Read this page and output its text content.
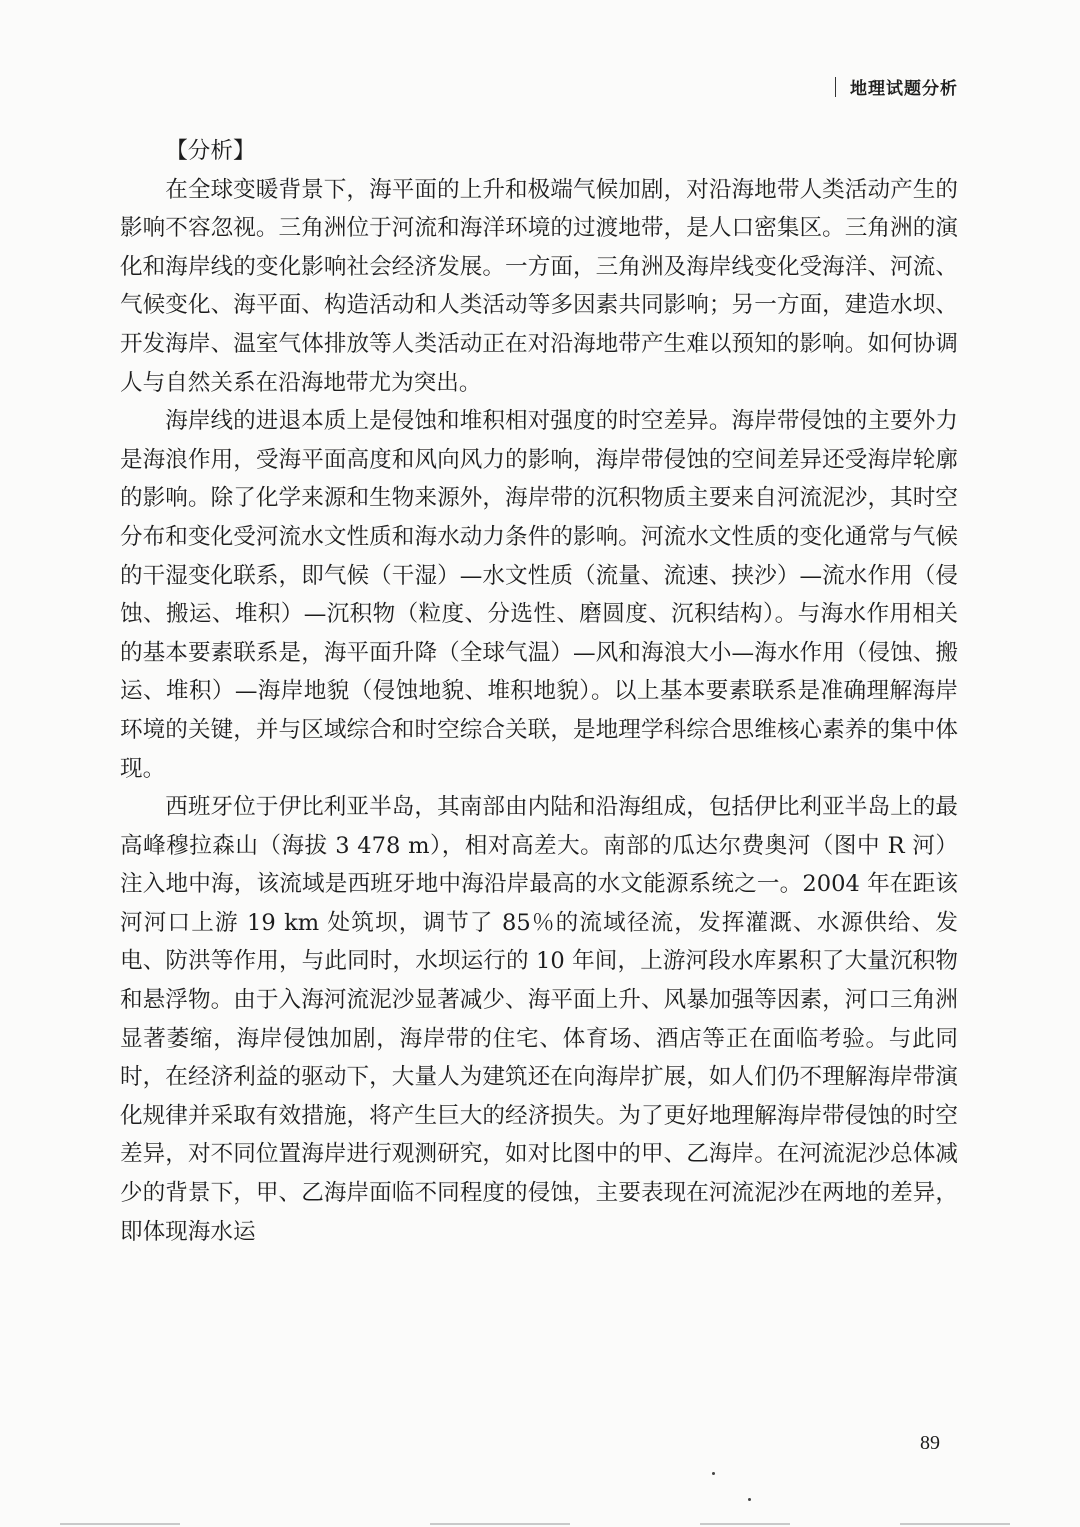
地理试题分析
【分析】

在全球变暖背景下，海平面的上升和极端气候加剧，对沿海地带人类活动产生的影响不容忽视。三角洲位于河流和海洋环境的过渡地带，是人口密集区。三角洲的演化和海岸线的变化影响社会经济发展。一方面，三角洲及海岸线变化受海洋、河流、气候变化、海平面、构造活动和人类活动等多因素共同影响；另一方面，建造水坝、开发海岸、温室气体排放等人类活动正在对沿海地带产生难以预知的影响。如何协调人与自然关系在沿海地带尤为突出。

海岸线的进退本质上是侵蚀和堆积相对强度的时空差异。海岸带侵蚀的主要外力是海浪作用，受海平面高度和风向风力的影响，海岸带侵蚀的空间差异还受海岸轮廓的影响。除了化学来源和生物来源外，海岸带的沉积物质主要来自河流泥沙，其时空分布和变化受河流水文性质和海水动力条件的影响。河流水文性质的变化通常与气候的干湿变化联系，即气候（干湿）—水文性质（流量、流速、挟沙）—流水作用（侵蚀、搬运、堆积）—沉积物（粒度、分选性、磨圆度、沉积结构）。与海水作用相关的基本要素联系是，海平面升降（全球气温）—风和海浪大小—海水作用（侵蚀、搬运、堆积）—海岸地貌（侵蚀地貌、堆积地貌）。以上基本要素联系是准确理解海岸环境的关键，并与区域综合和时空综合关联，是地理学科综合思维核心素养的集中体现。

西班牙位于伊比利亚半岛，其南部由内陆和沿海组成，包括伊比利亚半岛上的最高峰穆拉森山（海拔 3 478 m），相对高差大。南部的瓜达尔费奥河（图中 R 河）注入地中海，该流域是西班牙地中海沿岸最高的水文能源系统之一。2004 年在距该河河口上游 19 km 处筑坝，调节了 85％的流域径流，发挥灌溉、水源供给、发电、防洪等作用，与此同时，水坝运行的 10 年间，上游河段水库累积了大量沉积物和悬浮物。由于入海河流泥沙显著减少、海平面上升、风暴加强等因素，河口三角洲显著萎缩，海岸侵蚀加剧，海岸带的住宅、体育场、酒店等正在面临考验。与此同时，在经济利益的驱动下，大量人为建筑还在向海岸扩展，如人们仍不理解海岸带演化规律并采取有效措施，将产生巨大的经济损失。为了更好地理解海岸带侵蚀的时空差异，对不同位置海岸进行观测研究，如对比图中的甲、乙海岸。在河流泥沙总体减少的背景下，甲、乙海岸面临不同程度的侵蚀，主要表现在河流泥沙在两地的差异，即体现海水运

89
